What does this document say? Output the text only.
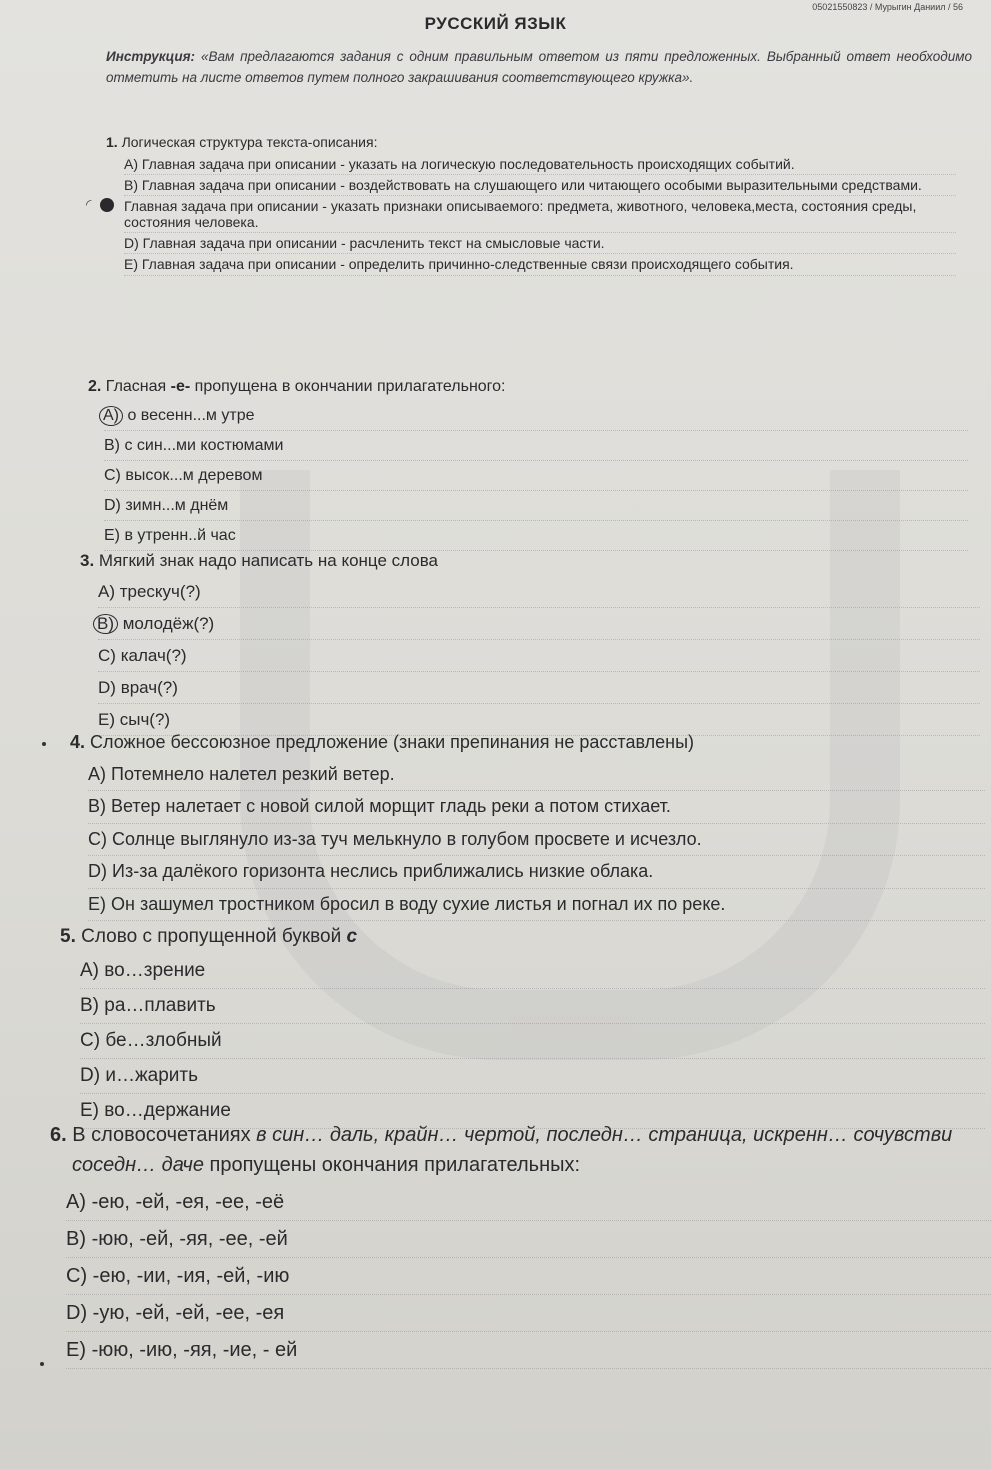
05021550823 / Мурыгин Даниил / 56
РУССКИЙ ЯЗЫК
Инструкция: «Вам предлагаются задания с одним правильным ответом из пяти предложенных. Выбранный ответ необходимо отметить на листе ответов путем полного закрашивания соответствующего кружка».
1. Логическая структура текста-описания:
A) Главная задача при описании - указать на логическую последовательность происходящих событий.
B) Главная задача при описании - воздействовать на слушающего или читающего особыми выразительными средствами.
◜ Главная задача при описании - указать признаки описываемого: предмета, животного, человека,места, состояния среды, состояния человека.
D) Главная задача при описании - расчленить текст на смысловые части.
E) Главная задача при описании - определить причинно-следственные связи происходящего события.
2. Гласная -е- пропущена в окончании прилагательного:
A) о весенн...м утре
B) с син...ми костюмами
C) высок...м деревом
D) зимн...м днём
E) в утренн..й час
3. Мягкий знак надо написать на конце слова
A) трескуч(?)
B) молодёж(?)
C) калач(?)
D) врач(?)
E) сыч(?)
4. Сложное бессоюзное предложение (знаки препинания не расставлены)
A) Потемнело налетел резкий ветер.
B) Ветер налетает с новой силой морщит гладь реки а потом стихает.
C) Солнце выглянуло из-за туч мелькнуло в голубом просвете и исчезло.
D) Из-за далёкого горизонта неслись приближались низкие облака.
E) Он зашумел тростником бросил в воду сухие листья и погнал их по реке.
5. Слово с пропущенной буквой с
A) во…зрение
B) ра…плавить
C) бе…злобный
D) и…жарить
E) во…держание
6. В словосочетаниях в син… даль, крайн… чертой, последн… страница, искренн… сочувстви
соседн… даче пропущены окончания прилагательных:
A) -ею, -ей, -ея, -ее, -её
B) -юю, -ей, -яя, -ее, -ей
C) -ею, -ии, -ия, -ей, -ию
D) -ую, -ей, -ей, -ее, -ея
E) -юю, -ию, -яя, -ие, - ей
